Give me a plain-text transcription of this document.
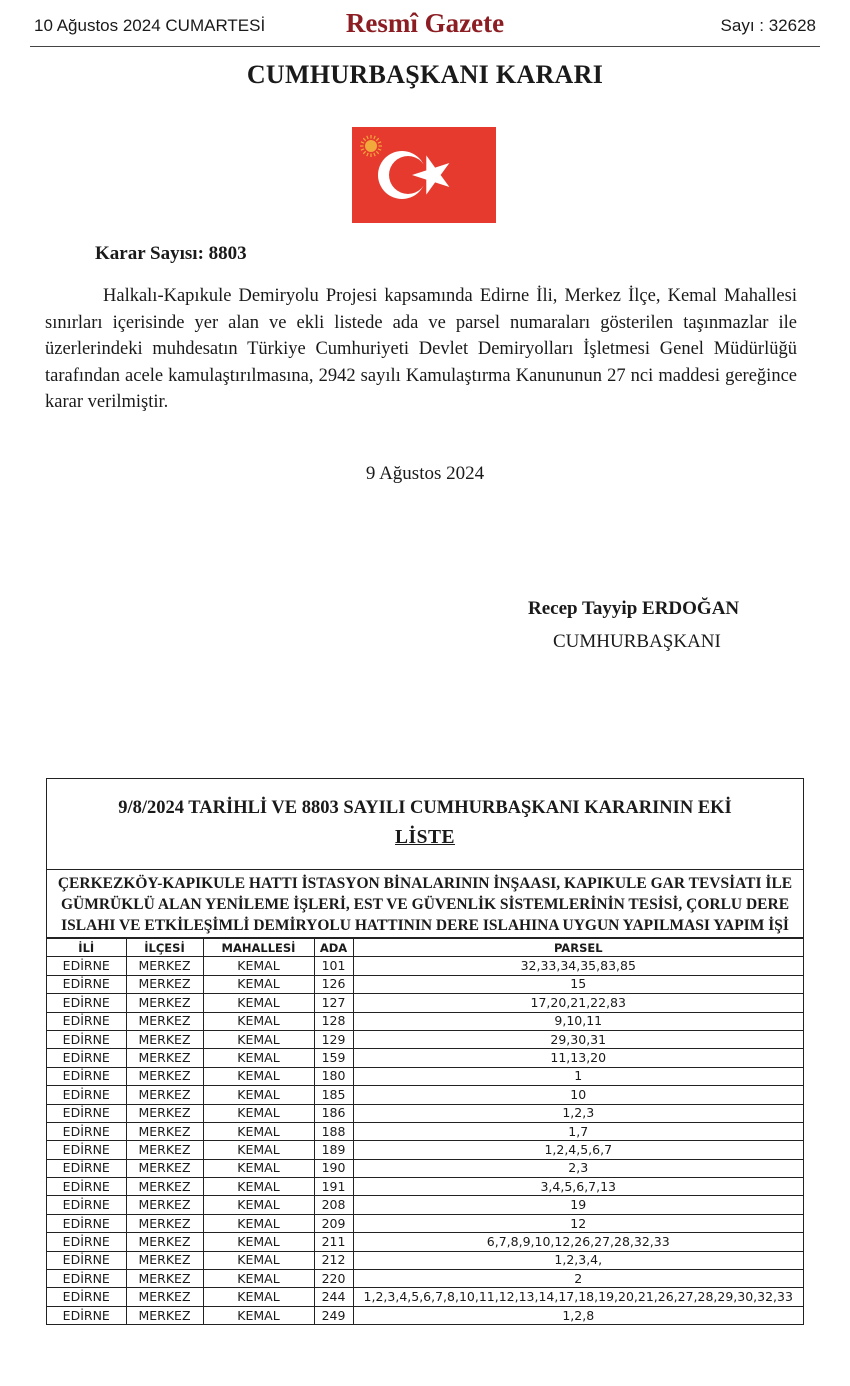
10 Ağustos 2024 CUMARTESİ	Resmî Gazete	Sayı : 32628
CUMHURBAŞKANI KARARI
Karar Sayısı: 8803

Halkalı-Kapıkule Demiryolu Projesi kapsamında Edirne İli, Merkez İlçe, Kemal Mahallesi sınırları içerisinde yer alan ve ekli listede ada ve parsel numaraları gösterilen taşınmazlar ile üzerlerindeki muhdesatın Türkiye Cumhuriyeti Devlet Demiryolları İşletmesi Genel Müdürlüğü tarafından acele kamulaştırılmasına, 2942 sayılı Kamulaştırma Kanununun 27 nci maddesi gereğince karar verilmiştir.

9 Ağustos 2024
Recep Tayyip ERDOĞAN
CUMHURBAŞKANI
9/8/2024 TARİHLİ VE 8803 SAYILI CUMHURBAŞKANI KARARININ EKİ
LİSTE
ÇERKEZKÖY-KAPIKULE HATTI İSTASYON BİNALARININ İNŞAASI, KAPIKULE GAR TEVSİATI İLE GÜMRÜKLÜ ALAN YENİLEME İŞLERİ, EST VE GÜVENLİK SİSTEMLERİNİN TESİSİ, ÇORLU DERE ISLAHI VE ETKİLEŞİMLİ DEMİRYOLU HATTININ DERE ISLAHINA UYGUN YAPILMASI YAPIM İŞİ
İLİ	İLÇESİ	MAHALLESİ	ADA	PARSEL
EDİRNE	MERKEZ	KEMAL	101	32,33,34,35,83,85
EDİRNE	MERKEZ	KEMAL	126	15
EDİRNE	MERKEZ	KEMAL	127	17,20,21,22,83
EDİRNE	MERKEZ	KEMAL	128	9,10,11
EDİRNE	MERKEZ	KEMAL	129	29,30,31
EDİRNE	MERKEZ	KEMAL	159	11,13,20
EDİRNE	MERKEZ	KEMAL	180	1
EDİRNE	MERKEZ	KEMAL	185	10
EDİRNE	MERKEZ	KEMAL	186	1,2,3
EDİRNE	MERKEZ	KEMAL	188	1,7
EDİRNE	MERKEZ	KEMAL	189	1,2,4,5,6,7
EDİRNE	MERKEZ	KEMAL	190	2,3
EDİRNE	MERKEZ	KEMAL	191	3,4,5,6,7,13
EDİRNE	MERKEZ	KEMAL	208	19
EDİRNE	MERKEZ	KEMAL	209	12
EDİRNE	MERKEZ	KEMAL	211	6,7,8,9,10,12,26,27,28,32,33
EDİRNE	MERKEZ	KEMAL	212	1,2,3,4,
EDİRNE	MERKEZ	KEMAL	220	2
EDİRNE	MERKEZ	KEMAL	244	1,2,3,4,5,6,7,8,10,11,12,13,14,17,18,19,20,21,26,27,28,29,30,32,33
EDİRNE	MERKEZ	KEMAL	249	1,2,8
